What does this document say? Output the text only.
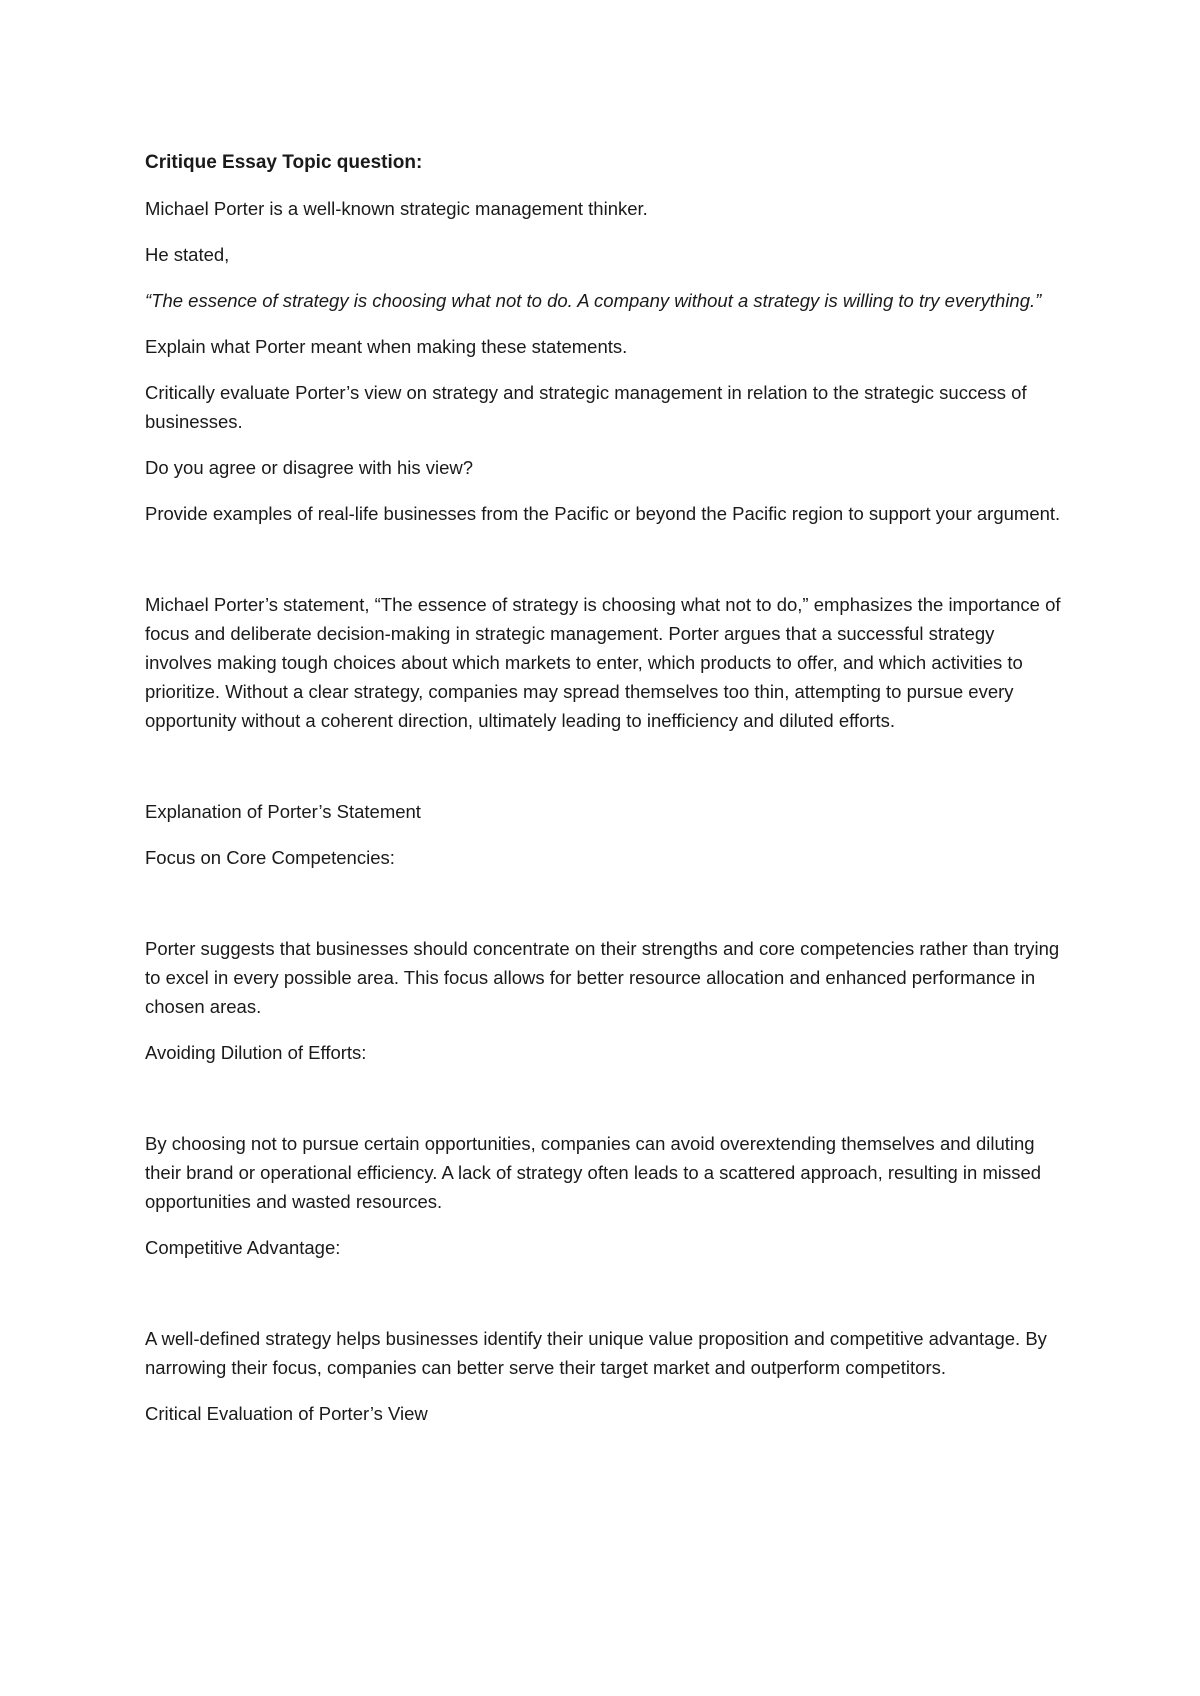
Critique Essay Topic question:

Michael Porter is a well-known strategic management thinker.

He stated,

“The essence of strategy is choosing what not to do. A company without a strategy is willing to try everything.”

Explain what Porter meant when making these statements.

Critically evaluate Porter’s view on strategy and strategic management in relation to the strategic success of businesses.

Do you agree or disagree with his view?

Provide examples of real-life businesses from the Pacific or beyond the Pacific region to support your argument.

Michael Porter’s statement, “The essence of strategy is choosing what not to do,” emphasizes the importance of focus and deliberate decision-making in strategic management. Porter argues that a successful strategy involves making tough choices about which markets to enter, which products to offer, and which activities to prioritize. Without a clear strategy, companies may spread themselves too thin, attempting to pursue every opportunity without a coherent direction, ultimately leading to inefficiency and diluted efforts.

Explanation of Porter’s Statement

Focus on Core Competencies:

Porter suggests that businesses should concentrate on their strengths and core competencies rather than trying to excel in every possible area. This focus allows for better resource allocation and enhanced performance in chosen areas.

Avoiding Dilution of Efforts:

By choosing not to pursue certain opportunities, companies can avoid overextending themselves and diluting their brand or operational efficiency. A lack of strategy often leads to a scattered approach, resulting in missed opportunities and wasted resources.

Competitive Advantage:

A well-defined strategy helps businesses identify their unique value proposition and competitive advantage. By narrowing their focus, companies can better serve their target market and outperform competitors.

Critical Evaluation of Porter’s View
